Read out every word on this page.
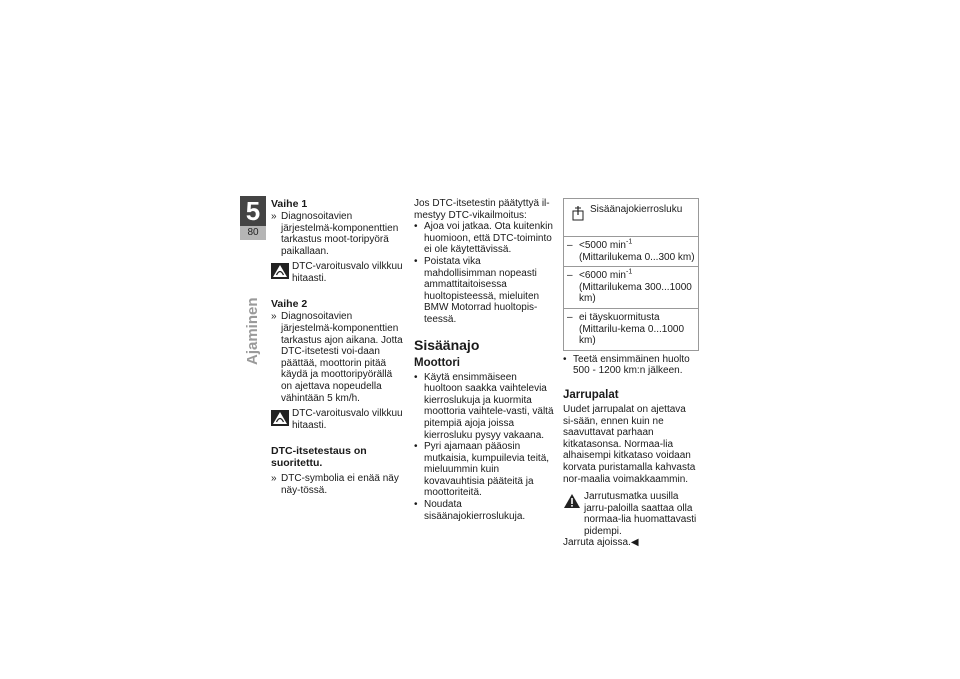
5
80
Ajaminen
Vaihe 1
» Diagnosoitavien järjestelmä-komponenttien tarkastus moot-toripyörä paikallaan.
DTC-varoitusvalo vilkkuu hitaasti.
Vaihe 2
» Diagnosoitavien järjestelmä-komponenttien tarkastus ajon aikana. Jotta DTC-itsetesti voi-daan päättää, moottorin pitää käydä ja moottoripyörällä on ajettava nopeudella vähintään 5 km/h.
DTC-varoitusvalo vilkkuu hitaasti.
DTC-itsetestaus on suoritettu.
» DTC-symbolia ei enää näy näy-tössä.

Jos DTC-itsetestin päätyttyä il-mestyy DTC-vikailmoitus:

• Ajoa voi jatkaa. Ota kuitenkin huomioon, että DTC-toiminto ei ole käytettävissä.
• Poistata vika mahdollisimman nopeasti ammattitaitoisessa huoltopisteessä, mieluiten BMW Motorrad huoltopis-teessä.
Sisäänajo
Moottori
• Käytä ensimmäiseen huoltoon saakka vaihtelevia kierroslukuja ja kuormita moottoria vaihtele-vasti, vältä pitempiä ajoja joissa kierrosluku pysyy vakaana.
• Pyri ajamaan pääosin mutkaisia, kumpuilevia teitä, mieluummin kuin kovavauhtisia pääteitä ja moottoriteitä.
• Noudata sisäänajokierroslukuja.
Sisäänajokierrosluku
– <5000 $\min^{-1}$ (Mittarilukema 0...300 km)
– <6000 $\min^{-1}$ (Mittarilukema 300...1000 km)
– ei täyskuormitusta (Mittarilu-kema 0...1000 km)
• Teetä ensimmäinen huolto 500 - 1200 km:n jälkeen.
Jarrupalat

Uudet jarrupalat on ajettava si-sään, ennen kuin ne saavuttavat parhaan kitkatasonsa. Normaa-lia alhaisempi kitkataso voidaan korvata puristamalla kahvasta nor-maalia voimakkaammin.

Jarrutusmatka uusilla jarru-paloilla saattaa olla normaa-lia huomattavasti pidempi.

Jarruta ajoissa.◀
